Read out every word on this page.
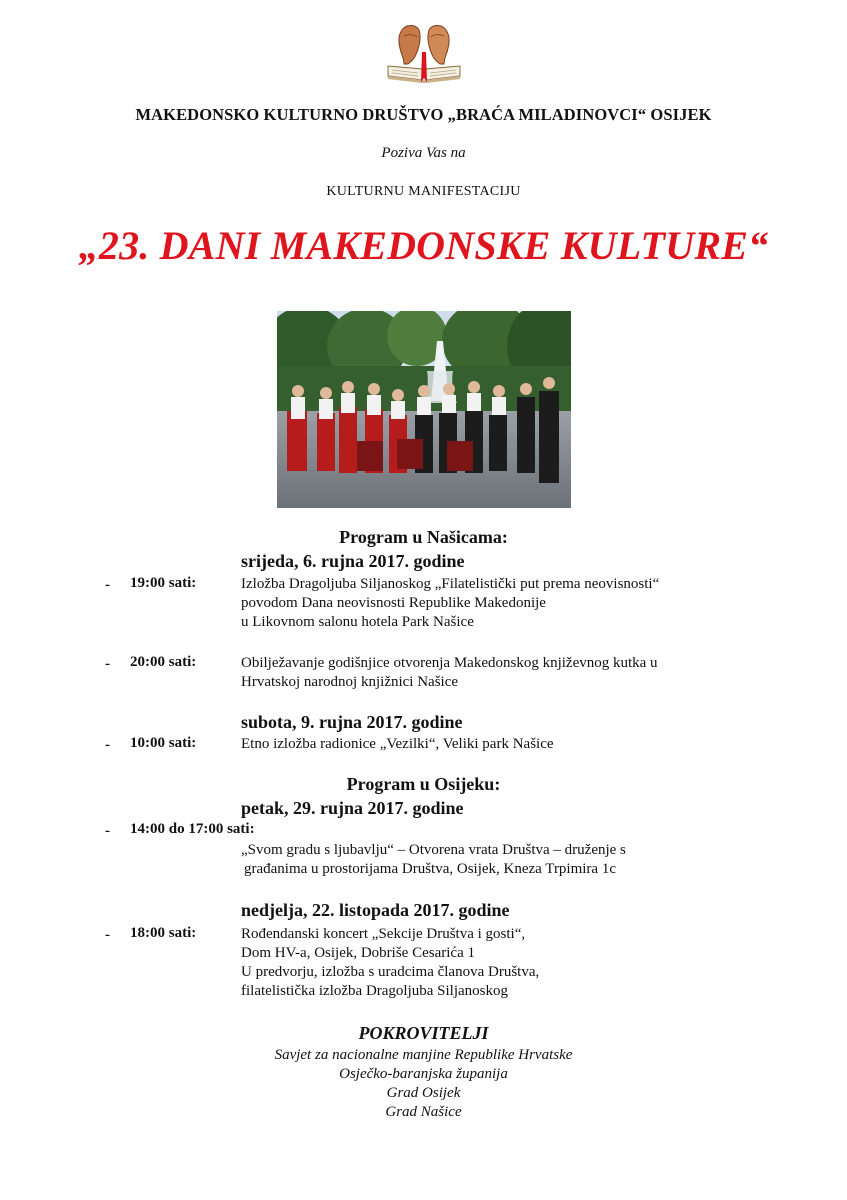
MAKEDONSKO KULTURNO DRUŠTVO „BRAĆA MILADINOVCI“ OSIJEK
Poziva Vas na
KULTURNU MANIFESTACIJU
„23. DANI MAKEDONSKE KULTURE“
Program u Našicama:
srijeda, 6. rujna 2017. godine
- 19:00 sati:	Izložba Dragoljuba Siljanoskog „Filatelistički put prema neovisnosti“
povodom Dana neovisnosti Republike Makedonije
u Likovnom salonu hotela Park Našice
- 20:00 sati:	Obilježavanje godišnjice otvorenja Makedonskog književnog kutka u
Hrvatskoj narodnoj knjižnici Našice
subota, 9. rujna 2017. godine
- 10:00 sati:	Etno izložba radionice „Vezilki“, Veliki park Našice
Program u Osijeku:
petak, 29. rujna 2017. godine
- 14:00 do 17:00 sati:
„Svom gradu s ljubavlju“ – Otvorena vrata Društva – druženje s
građanima u prostorijama Društva, Osijek, Kneza Trpimira 1c
nedjelja, 22. listopada 2017. godine
- 18:00 sati:	Rođendanski koncert „Sekcije Društva i gosti“,
Dom HV-a, Osijek, Dobriše Cesarića 1
U predvorju, izložba s uradcima članova Društva,
filatelistička izložba Dragoljuba Siljanoskog
POKROVITELJI
Savjet za nacionalne manjine Republike Hrvatske
Osječko-baranjska županija
Grad Osijek
Grad Našice
